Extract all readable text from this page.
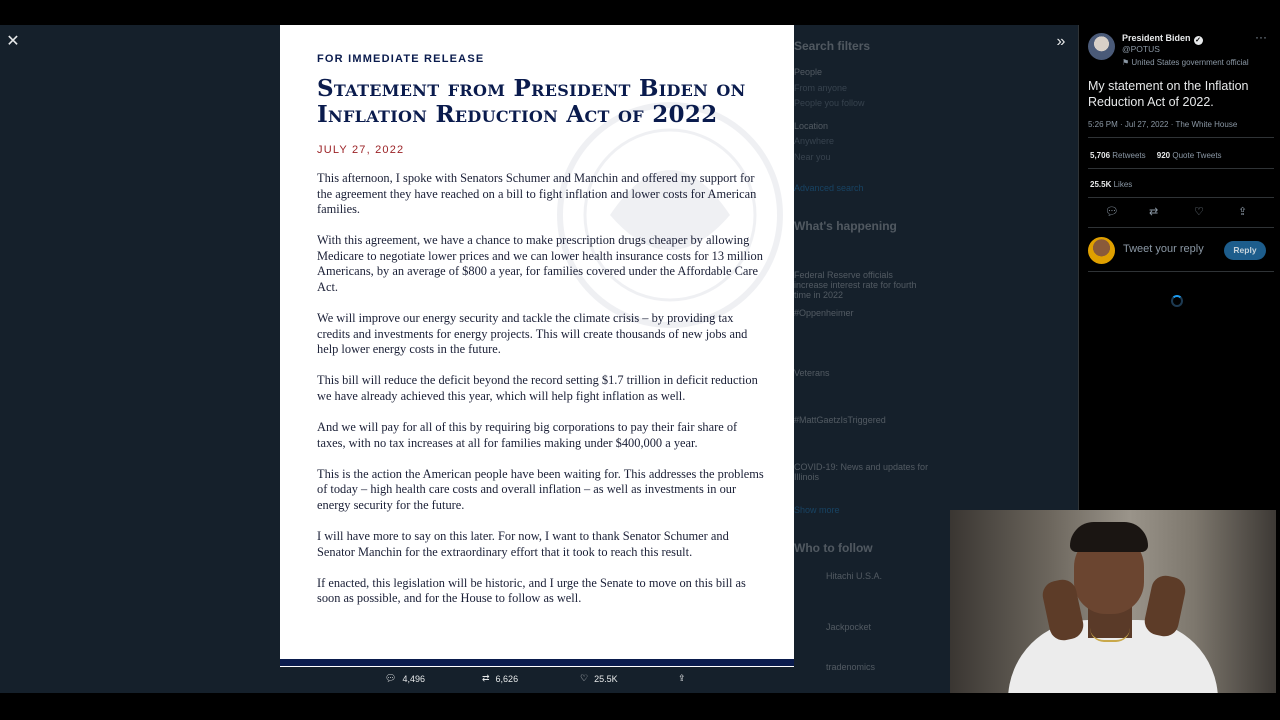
✕	»
Search filters
People
From anyone
People you follow
Location
Anywhere
Near you
Advanced search
What's happening
Federal Reserve officials increase interest rate for fourth time in 2022
#Oppenheimer
Veterans
#MattGaetzIsTriggered
COVID-19: News and updates for Illinois
Show more
Who to follow
Hitachi U.S.A.
Jackpocket
tradenomics
FOR IMMEDIATE RELEASE
Statement from President Biden on Inflation Reduction Act of 2022
JULY 27, 2022

This afternoon, I spoke with Senators Schumer and Manchin and offered my support for the agreement they have reached on a bill to fight inflation and lower costs for American families.

With this agreement, we have a chance to make prescription drugs cheaper by allowing Medicare to negotiate lower prices and we can lower health insurance costs for 13 million Americans, by an average of $800 a year, for families covered under the Affordable Care Act.

We will improve our energy security and tackle the climate crisis – by providing tax credits and investments for energy projects. This will create thousands of new jobs and help lower energy costs in the future.

This bill will reduce the deficit beyond the record setting $1.7 trillion in deficit reduction we have already achieved this year, which will help fight inflation as well.

And we will pay for all of this by requiring big corporations to pay their fair share of taxes, with no tax increases at all for families making under $400,000 a year.

This is the action the American people have been waiting for. This addresses the problems of today – high health care costs and overall inflation – as well as investments in our energy security for the future.

I will have more to say on this later. For now, I want to thank Senator Schumer and Senator Manchin for the extraordinary effort that it took to reach this result.

If enacted, this legislation will be historic, and I urge the Senate to move on this bill as soon as possible, and for the House to follow as well.

💬︎ 4,496	⇄ 6,626	♡ 25.5K	⇪
President Biden ✓
@POTUS
⚑ United States government official
···
My statement on the Inflation Reduction Act of 2022.
5:26 PM · Jul 27, 2022 · The White House
5,706 Retweets 920 Quote Tweets
25.5K Likes
💬︎	⇄	♡	⇪
Tweet your reply	Reply
